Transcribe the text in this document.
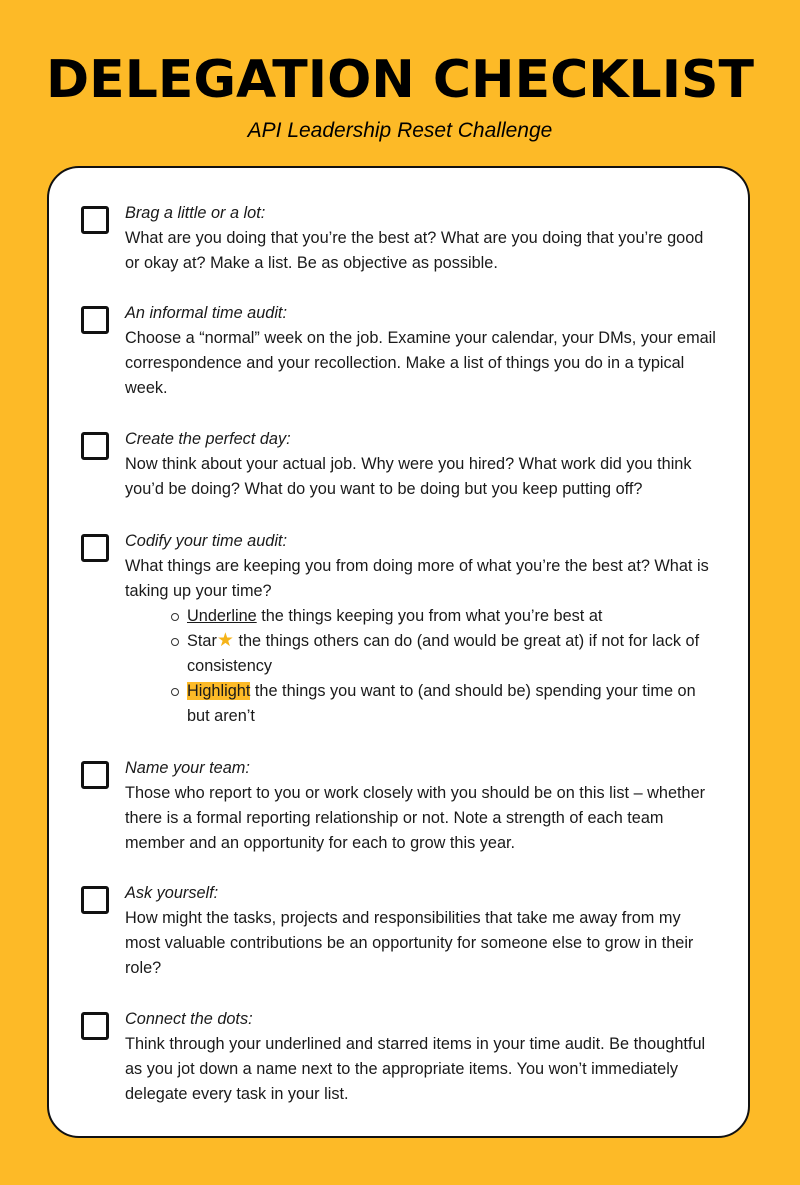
DELEGATION CHECKLIST
API Leadership Reset Challenge
Brag a little or a lot:
What are you doing that you’re the best at? What are you doing that you’re good or okay at? Make a list. Be as objective as possible.
An informal time audit:
Choose a “normal” week on the job. Examine your calendar, your DMs, your email correspondence and your recollection. Make a list of things you do in a typical week.
Create the perfect day:
Now think about your actual job. Why were you hired? What work did you think you’d be doing? What do you want to be doing but you keep putting off?
Codify your time audit:
What things are keeping you from doing more of what you’re the best at? What is taking up your time?
Underline the things keeping you from what you’re best at
Star★ the things others can do (and would be great at) if not for lack of consistency
Highlight the things you want to (and should be) spending your time on but aren’t
Name your team:
Those who report to you or work closely with you should be on this list – whether there is a formal reporting relationship or not. Note a strength of each team member and an opportunity for each to grow this year.
Ask yourself:
How might the tasks, projects and responsibilities that take me away from my most valuable contributions be an opportunity for someone else to grow in their role?
Connect the dots:
Think through your underlined and starred items in your time audit. Be thoughtful as you jot down a name next to the appropriate items. You won’t immediately delegate every task in your list.
